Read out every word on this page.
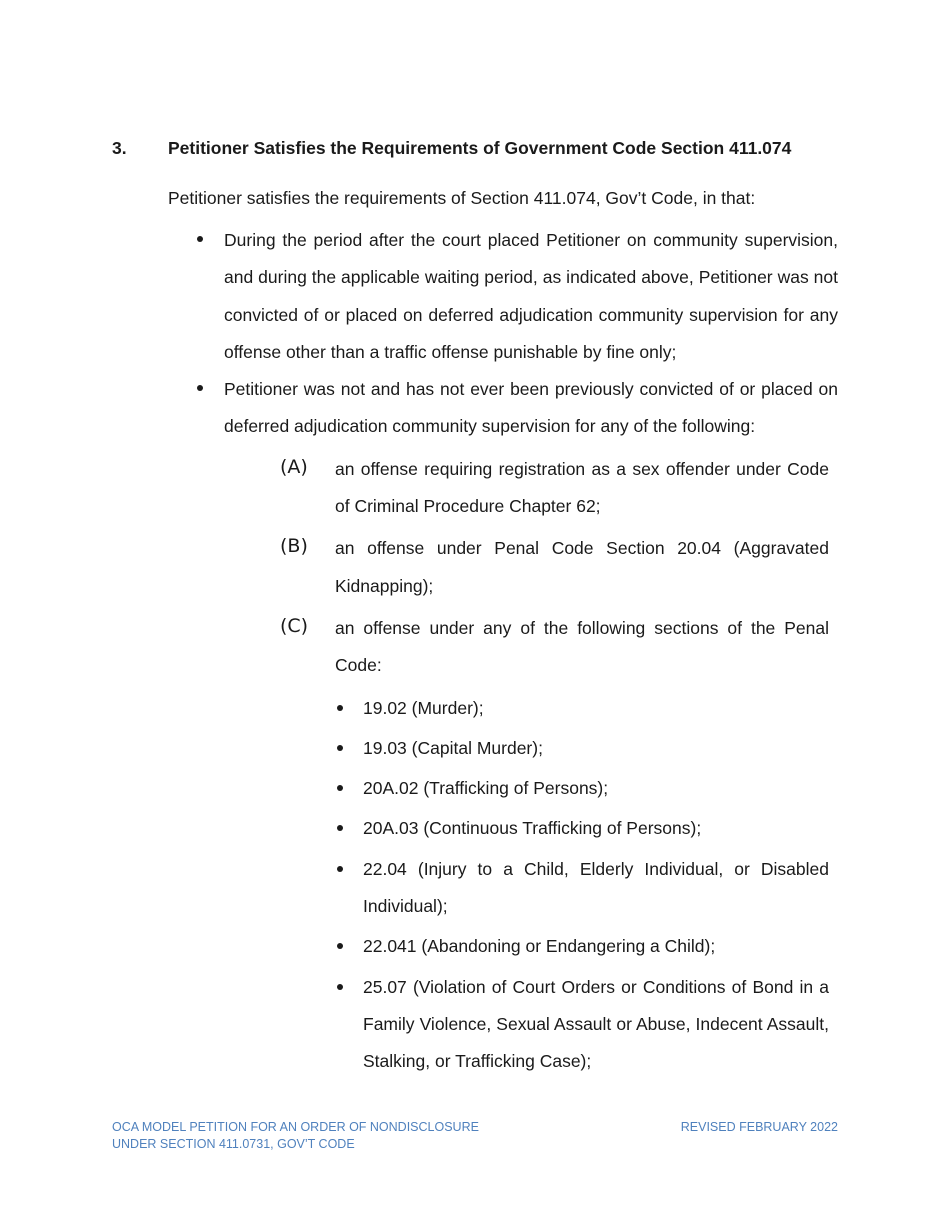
3. Petitioner Satisfies the Requirements of Government Code Section 411.074
Petitioner satisfies the requirements of Section 411.074, Gov’t Code, in that:

During the period after the court placed Petitioner on community supervision, and during the applicable waiting period, as indicated above, Petitioner was not convicted of or placed on deferred adjudication community supervision for any offense other than a traffic offense punishable by fine only;

Petitioner was not and has not ever been previously convicted of or placed on deferred adjudication community supervision for any of the following:

(A) an offense requiring registration as a sex offender under Code of Criminal Procedure Chapter 62;

(B) an offense under Penal Code Section 20.04 (Aggravated Kidnapping);

(C) an offense under any of the following sections of the Penal Code:

19.02 (Murder);

19.03 (Capital Murder);

20A.02 (Trafficking of Persons);

20A.03 (Continuous Trafficking of Persons);

22.04 (Injury to a Child, Elderly Individual, or Disabled Individual);

22.041 (Abandoning or Endangering a Child);

25.07 (Violation of Court Orders or Conditions of Bond in a Family Violence, Sexual Assault or Abuse, Indecent Assault, Stalking, or Trafficking Case);

OCA MODEL PETITION FOR AN ORDER OF NONDISCLOSURE
UNDER SECTION 411.0731, GOV’T CODE
REVISED FEBRUARY 2022
